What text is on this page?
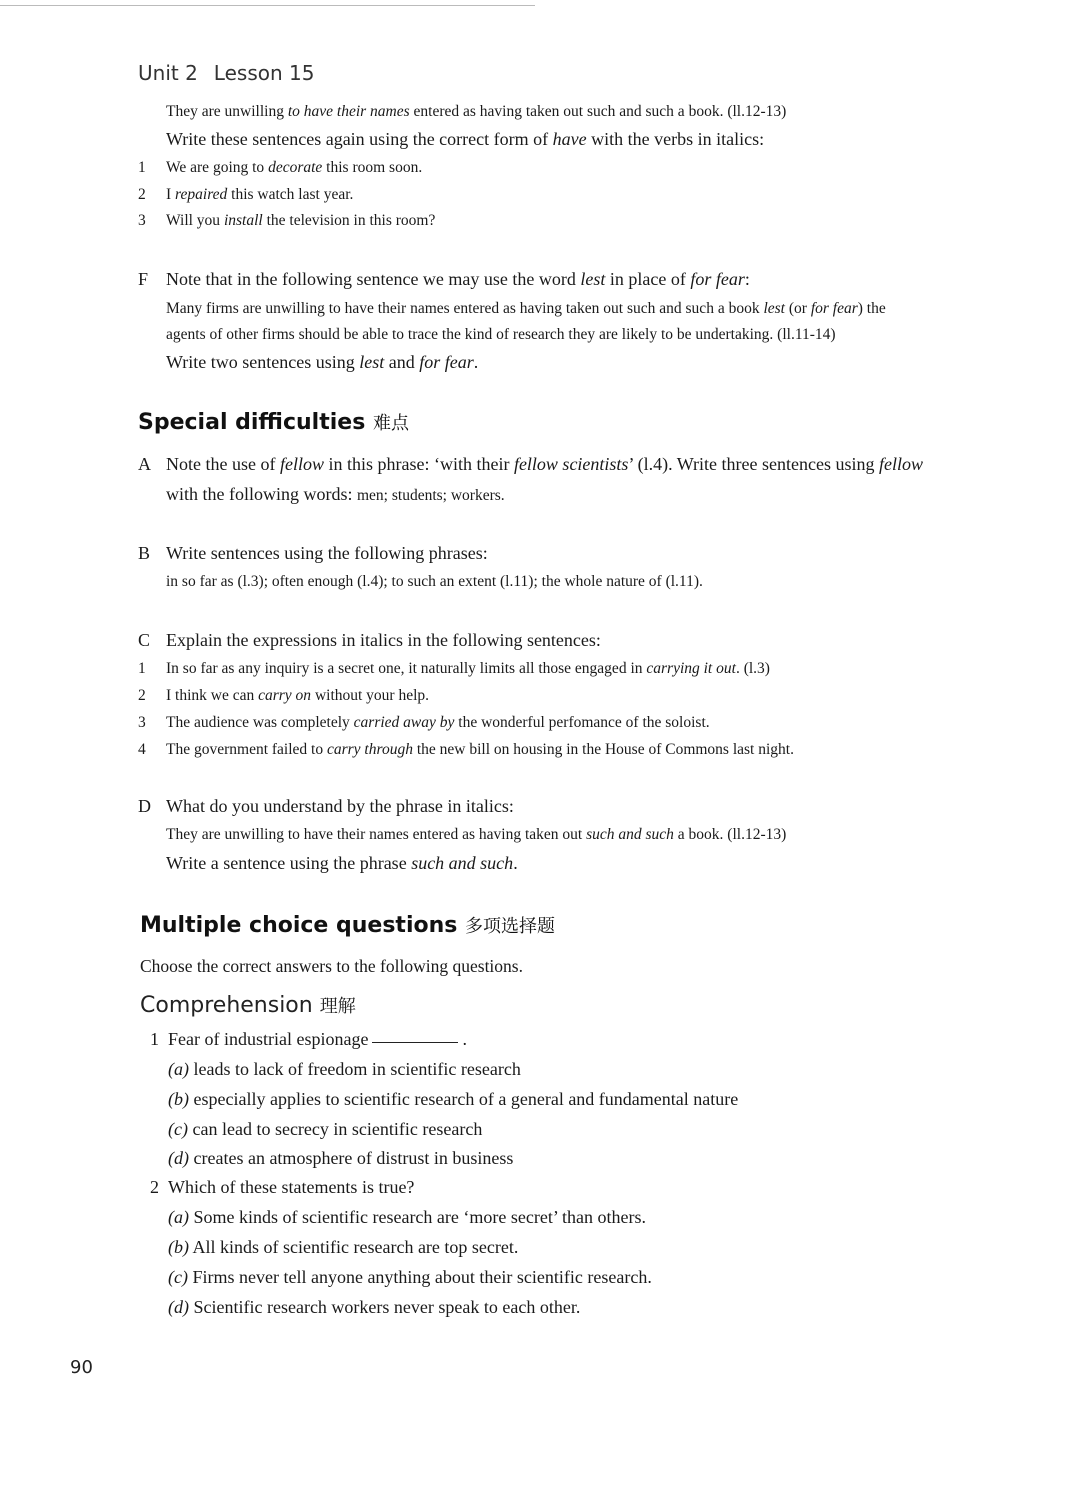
Unit 2 Lesson 15
They are unwilling to have their names entered as having taken out such and such a book. (ll.12-13)
Write these sentences again using the correct form of have with the verbs in italics:
1	We are going to decorate this room soon.
2	I repaired this watch last year.
3	Will you install the television in this room?
F Note that in the following sentence we may use the word lest in place of for fear:
Many firms are unwilling to have their names entered as having taken out such and such a book lest (or for fear) the
agents of other firms should be able to trace the kind of research they are likely to be undertaking. (ll.11-14)
Write two sentences using lest and for fear.
Special difficulties 难点
A Note the use of fellow in this phrase: ‘with their fellow scientists’ (l.4). Write three sentences using fellow
with the following words: men; students; workers.
B Write sentences using the following phrases:
in so far as (l.3); often enough (l.4); to such an extent (l.11); the whole nature of (l.11).
C Explain the expressions in italics in the following sentences:
1 In so far as any inquiry is a secret one, it naturally limits all those engaged in carrying it out. (l.3)
2 I think we can carry on without your help.
3 The audience was completely carried away by the wonderful perfomance of the soloist.
4 The government failed to carry through the new bill on housing in the House of Commons last night.
D What do you understand by the phrase in italics:
They are unwilling to have their names entered as having taken out such and such a book. (ll.12-13)
Write a sentence using the phrase such and such.
Multiple choice questions 多项选择题
Choose the correct answers to the following questions.
Comprehension 理解
1 Fear of industrial espionage	.
(a) leads to lack of freedom in scientific research
(b) especially applies to scientific research of a general and fundamental nature
(c) can lead to secrecy in scientific research
(d) creates an atmosphere of distrust in business
2 Which of these statements is true?
(a) Some kinds of scientific research are ‘more secret’ than others.
(b) All kinds of scientific research are top secret.
(c) Firms never tell anyone anything about their scientific research.
(d) Scientific research workers never speak to each other.
90
